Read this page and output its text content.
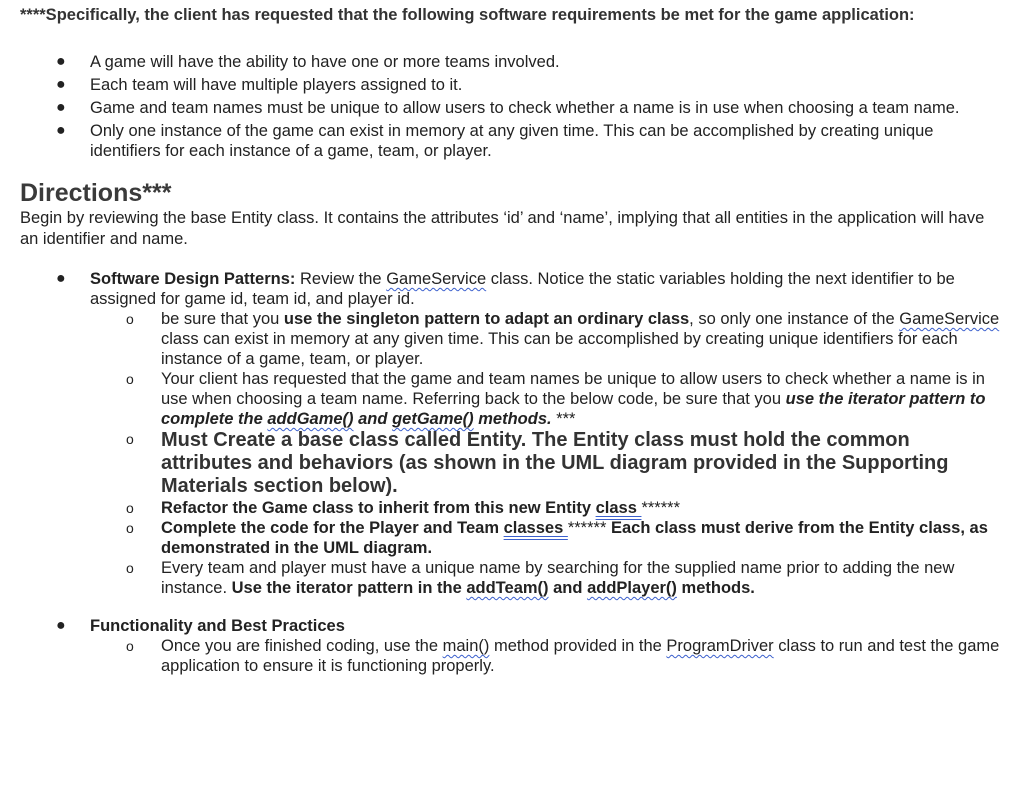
****Specifically, the client has requested that the following software requirements be met for the game application:

● A game will have the ability to have one or more teams involved.
● Each team will have multiple players assigned to it.
● Game and team names must be unique to allow users to check whether a name is in use when choosing a team name.
● Only one instance of the game can exist in memory at any given time. This can be accomplished by creating unique identifiers for each instance of a game, team, or player.
Directions***

Begin by reviewing the base Entity class. It contains the attributes ‘id’ and ‘name’, implying that all entities in the application will have an identifier and name.

● Software Design Patterns: Review the GameService class. Notice the static variables holding the next identifier to be assigned for game id, team id, and player id.
o be sure that you use the singleton pattern to adapt an ordinary class, so only one instance of the GameService class can exist in memory at any given time. This can be accomplished by creating unique identifiers for each instance of a game, team, or player.
o Your client has requested that the game and team names be unique to allow users to check whether a name is in use when choosing a team name. Referring back to the below code, be sure that you use the iterator pattern to complete the addGame() and getGame() methods. ***
o Must Create a base class called Entity. The Entity class must hold the common attributes and behaviors (as shown in the UML diagram provided in the Supporting Materials section below).
o Refactor the Game class to inherit from this new Entity class ******
o Complete the code for the Player and Team classes ****** Each class must derive from the Entity class, as demonstrated in the UML diagram.
o Every team and player must have a unique name by searching for the supplied name prior to adding the new instance. Use the iterator pattern in the addTeam() and addPlayer() methods.
● Functionality and Best Practices
o Once you are finished coding, use the main() method provided in the ProgramDriver class to run and test the game application to ensure it is functioning properly.
